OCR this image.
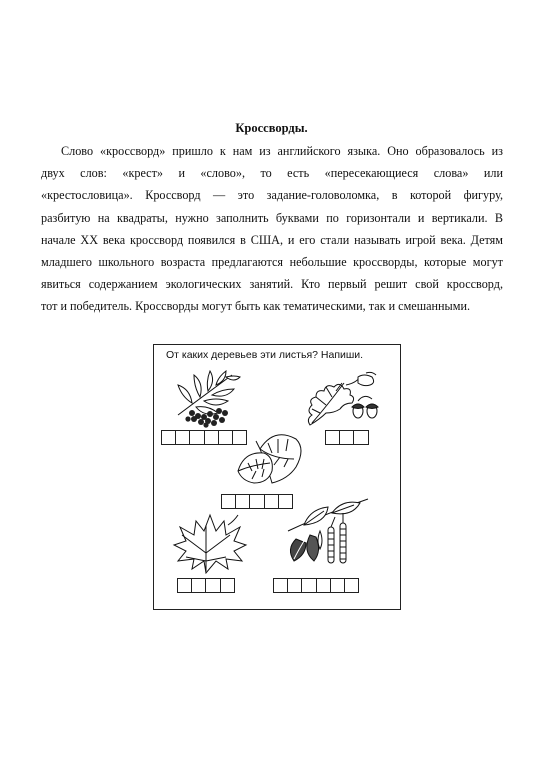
Кроссворды.
Слово «кроссворд» пришло к нам из английского языка. Оно образовалось из
двух слов: «крест» и «слово», то есть «пересекающиеся слова» или
«крестословица». Кроссворд — это задание-головоломка, в которой фигуру,
разбитую на квадраты, нужно заполнить буквами по горизонтали и вертикали. В
начале XX века кроссворд появился в США, и его стали называть игрой века. Детям
младшего школьного возраста предлагаются небольшие кроссворды, которые могут
явиться содержанием экологических занятий. Кто первый решит свой кроссворд,
тот и победитель. Кроссворды могут быть как тематическими, так и смешанными.
От каких деревьев эти листья? Напиши.
